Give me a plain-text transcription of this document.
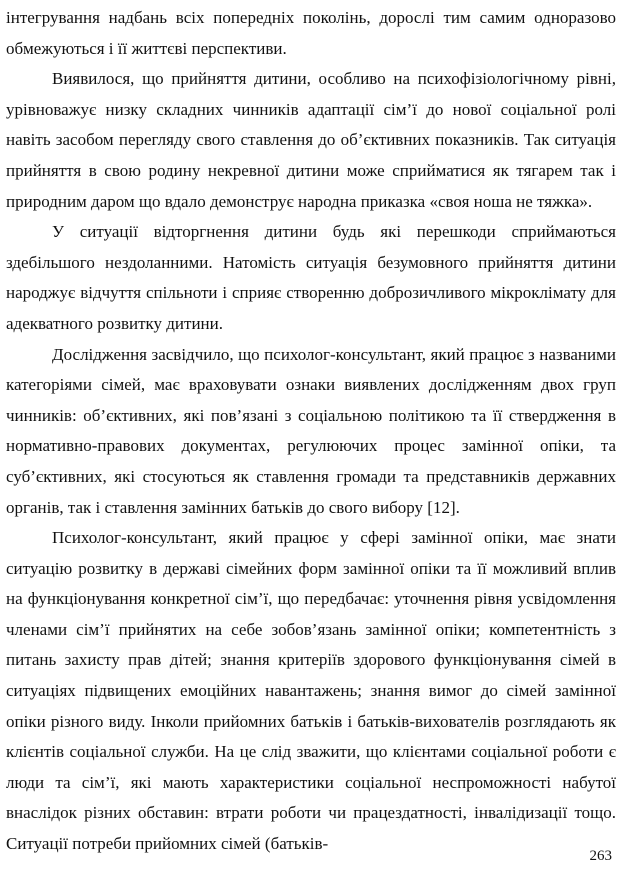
інтегрування надбань всіх попередніх поколінь, дорослі тим самим одноразово обмежуються і її життєві перспективи.

Виявилося, що прийняття дитини, особливо на психофізіологічному рівні, урівноважує низку складних чинників адаптації сім’ї до нової соціальної ролі навіть засобом перегляду свого ставлення до об’єктивних показників. Так ситуація прийняття в свою родину некревної дитини може сприйматися як тягарем так і природним даром що вдало демонструє народна приказка «своя ноша не тяжка».

У ситуації відторгнення дитини будь які перешкоди сприймаються здебільшого нездоланними. Натомість ситуація безумовного прийняття дитини народжує відчуття спільноти і сприяє створенню доброзичливого мікроклімату для адекватного розвитку дитини.

Дослідження засвідчило, що психолог-консультант, який працює з названими категоріями сімей, має враховувати ознаки виявлених дослідженням двох груп чинників: об’єктивних, які пов’язані з соціальною політикою та її ствердження в нормативно-правових документах, регулюючих процес замінної опіки, та суб’єктивних, які стосуються як ставлення громади та представників державних органів, так і ставлення замінних батьків до свого вибору [12].

Психолог-консультант, який працює у сфері замінної опіки, має знати ситуацію розвитку в державі сімейних форм замінної опіки та її можливий вплив на функціонування конкретної сім’ї, що передбачає: уточнення рівня усвідомлення членами сім’ї прийнятих на себе зобов’язань замінної опіки; компетентність з питань захисту прав дітей; знання критеріїв здорового функціонування сімей в ситуаціях підвищених емоційних навантажень; знання вимог до сімей замінної опіки різного виду. Інколи прийомних батьків і батьків-вихователів розглядають як клієнтів соціальної служби. На це слід зважити, що клієнтами соціальної роботи є люди та сім’ї, які мають характеристики соціальної неспроможності набутої внаслідок різних обставин: втрати роботи чи працездатності, інвалідизації тощо. Ситуації потреби прийомних сімей (батьків-

263
